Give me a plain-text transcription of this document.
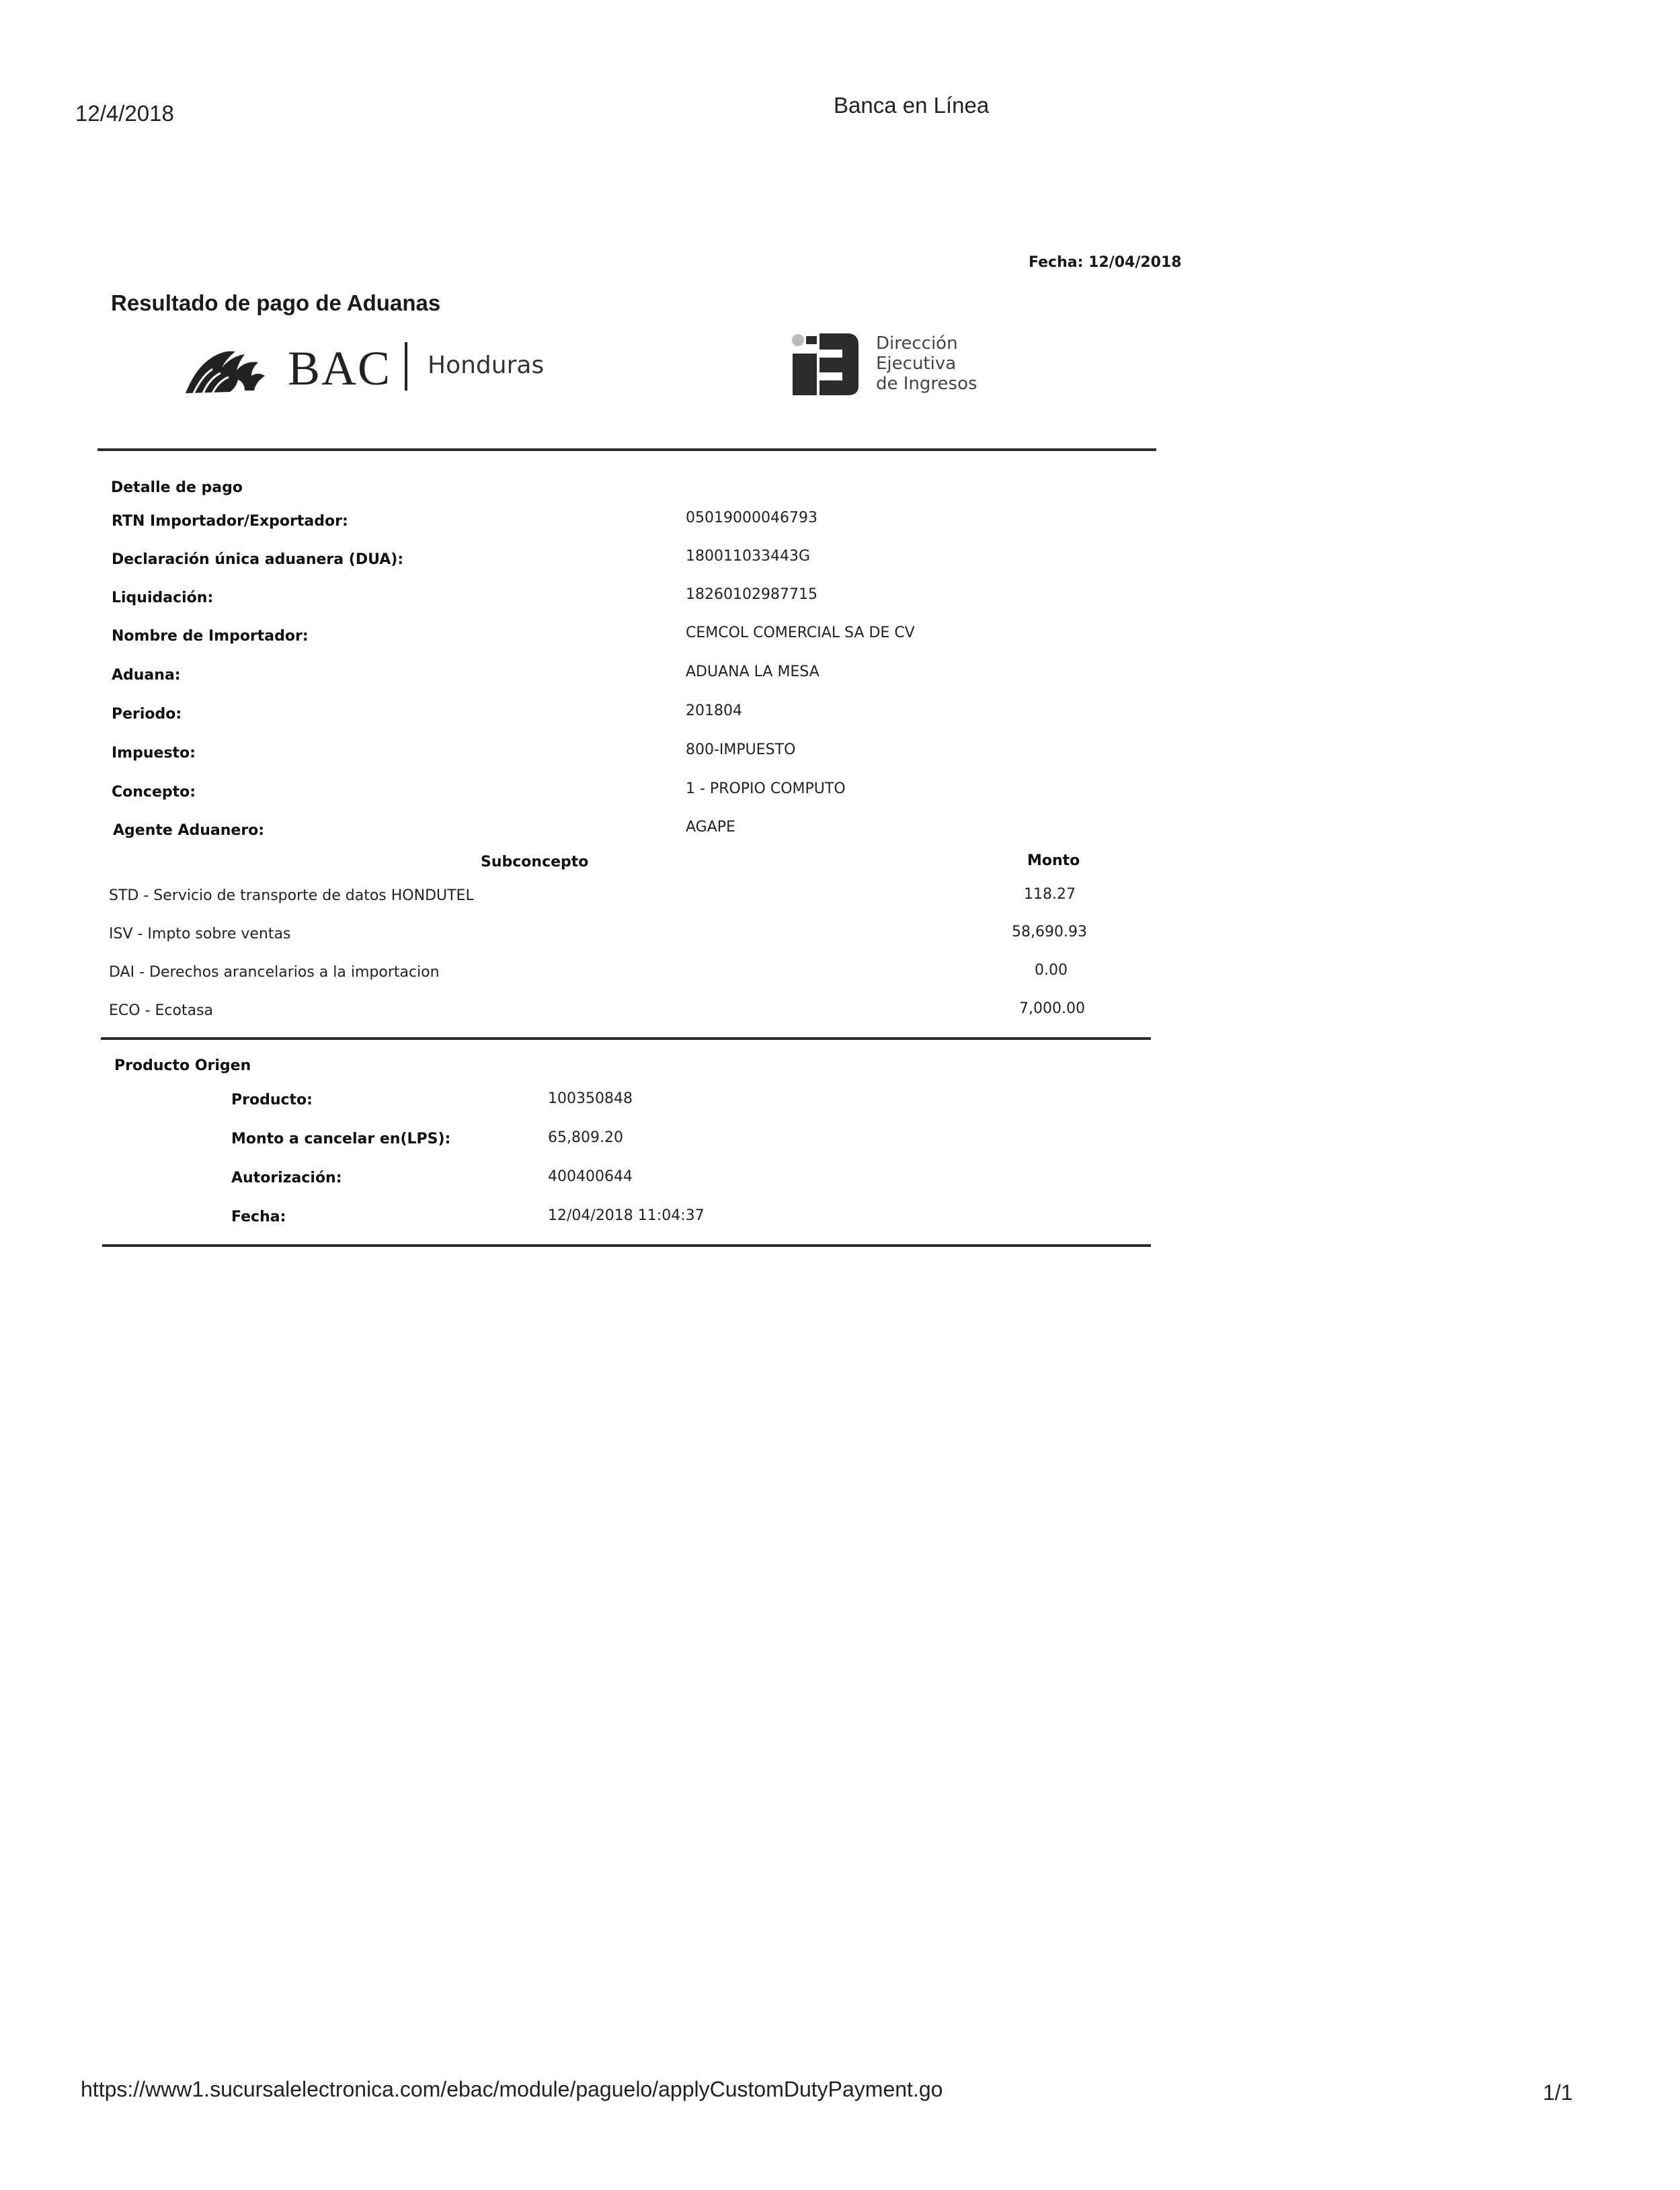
12/4/2018	Banca en Línea
Fecha: 12/04/2018
Resultado de pago de Aduanas
BAC Honduras
Dirección
Ejecutiva
de Ingresos
Detalle de pago
RTN Importador/Exportador:	05019000046793
Declaración única aduanera (DUA):	180011033443G
Liquidación:	18260102987715
Nombre de Importador:	CEMCOL COMERCIAL SA DE CV
Aduana:	ADUANA LA MESA
Periodo:	201804
Impuesto:	800-IMPUESTO
Concepto:	1 - PROPIO COMPUTO
Agente Aduanero:	AGAPE
Subconcepto	Monto
STD - Servicio de transporte de datos HONDUTEL	118.27
ISV - Impto sobre ventas	58,690.93
DAI - Derechos arancelarios a la importacion	0.00
ECO - Ecotasa	7,000.00
Producto Origen
Producto:	100350848
Monto a cancelar en(LPS):	65,809.20
Autorización:	400400644
Fecha:	12/04/2018 11:04:37
https://www1.sucursalelectronica.com/ebac/module/paguelo/applyCustomDutyPayment.go	1/1
